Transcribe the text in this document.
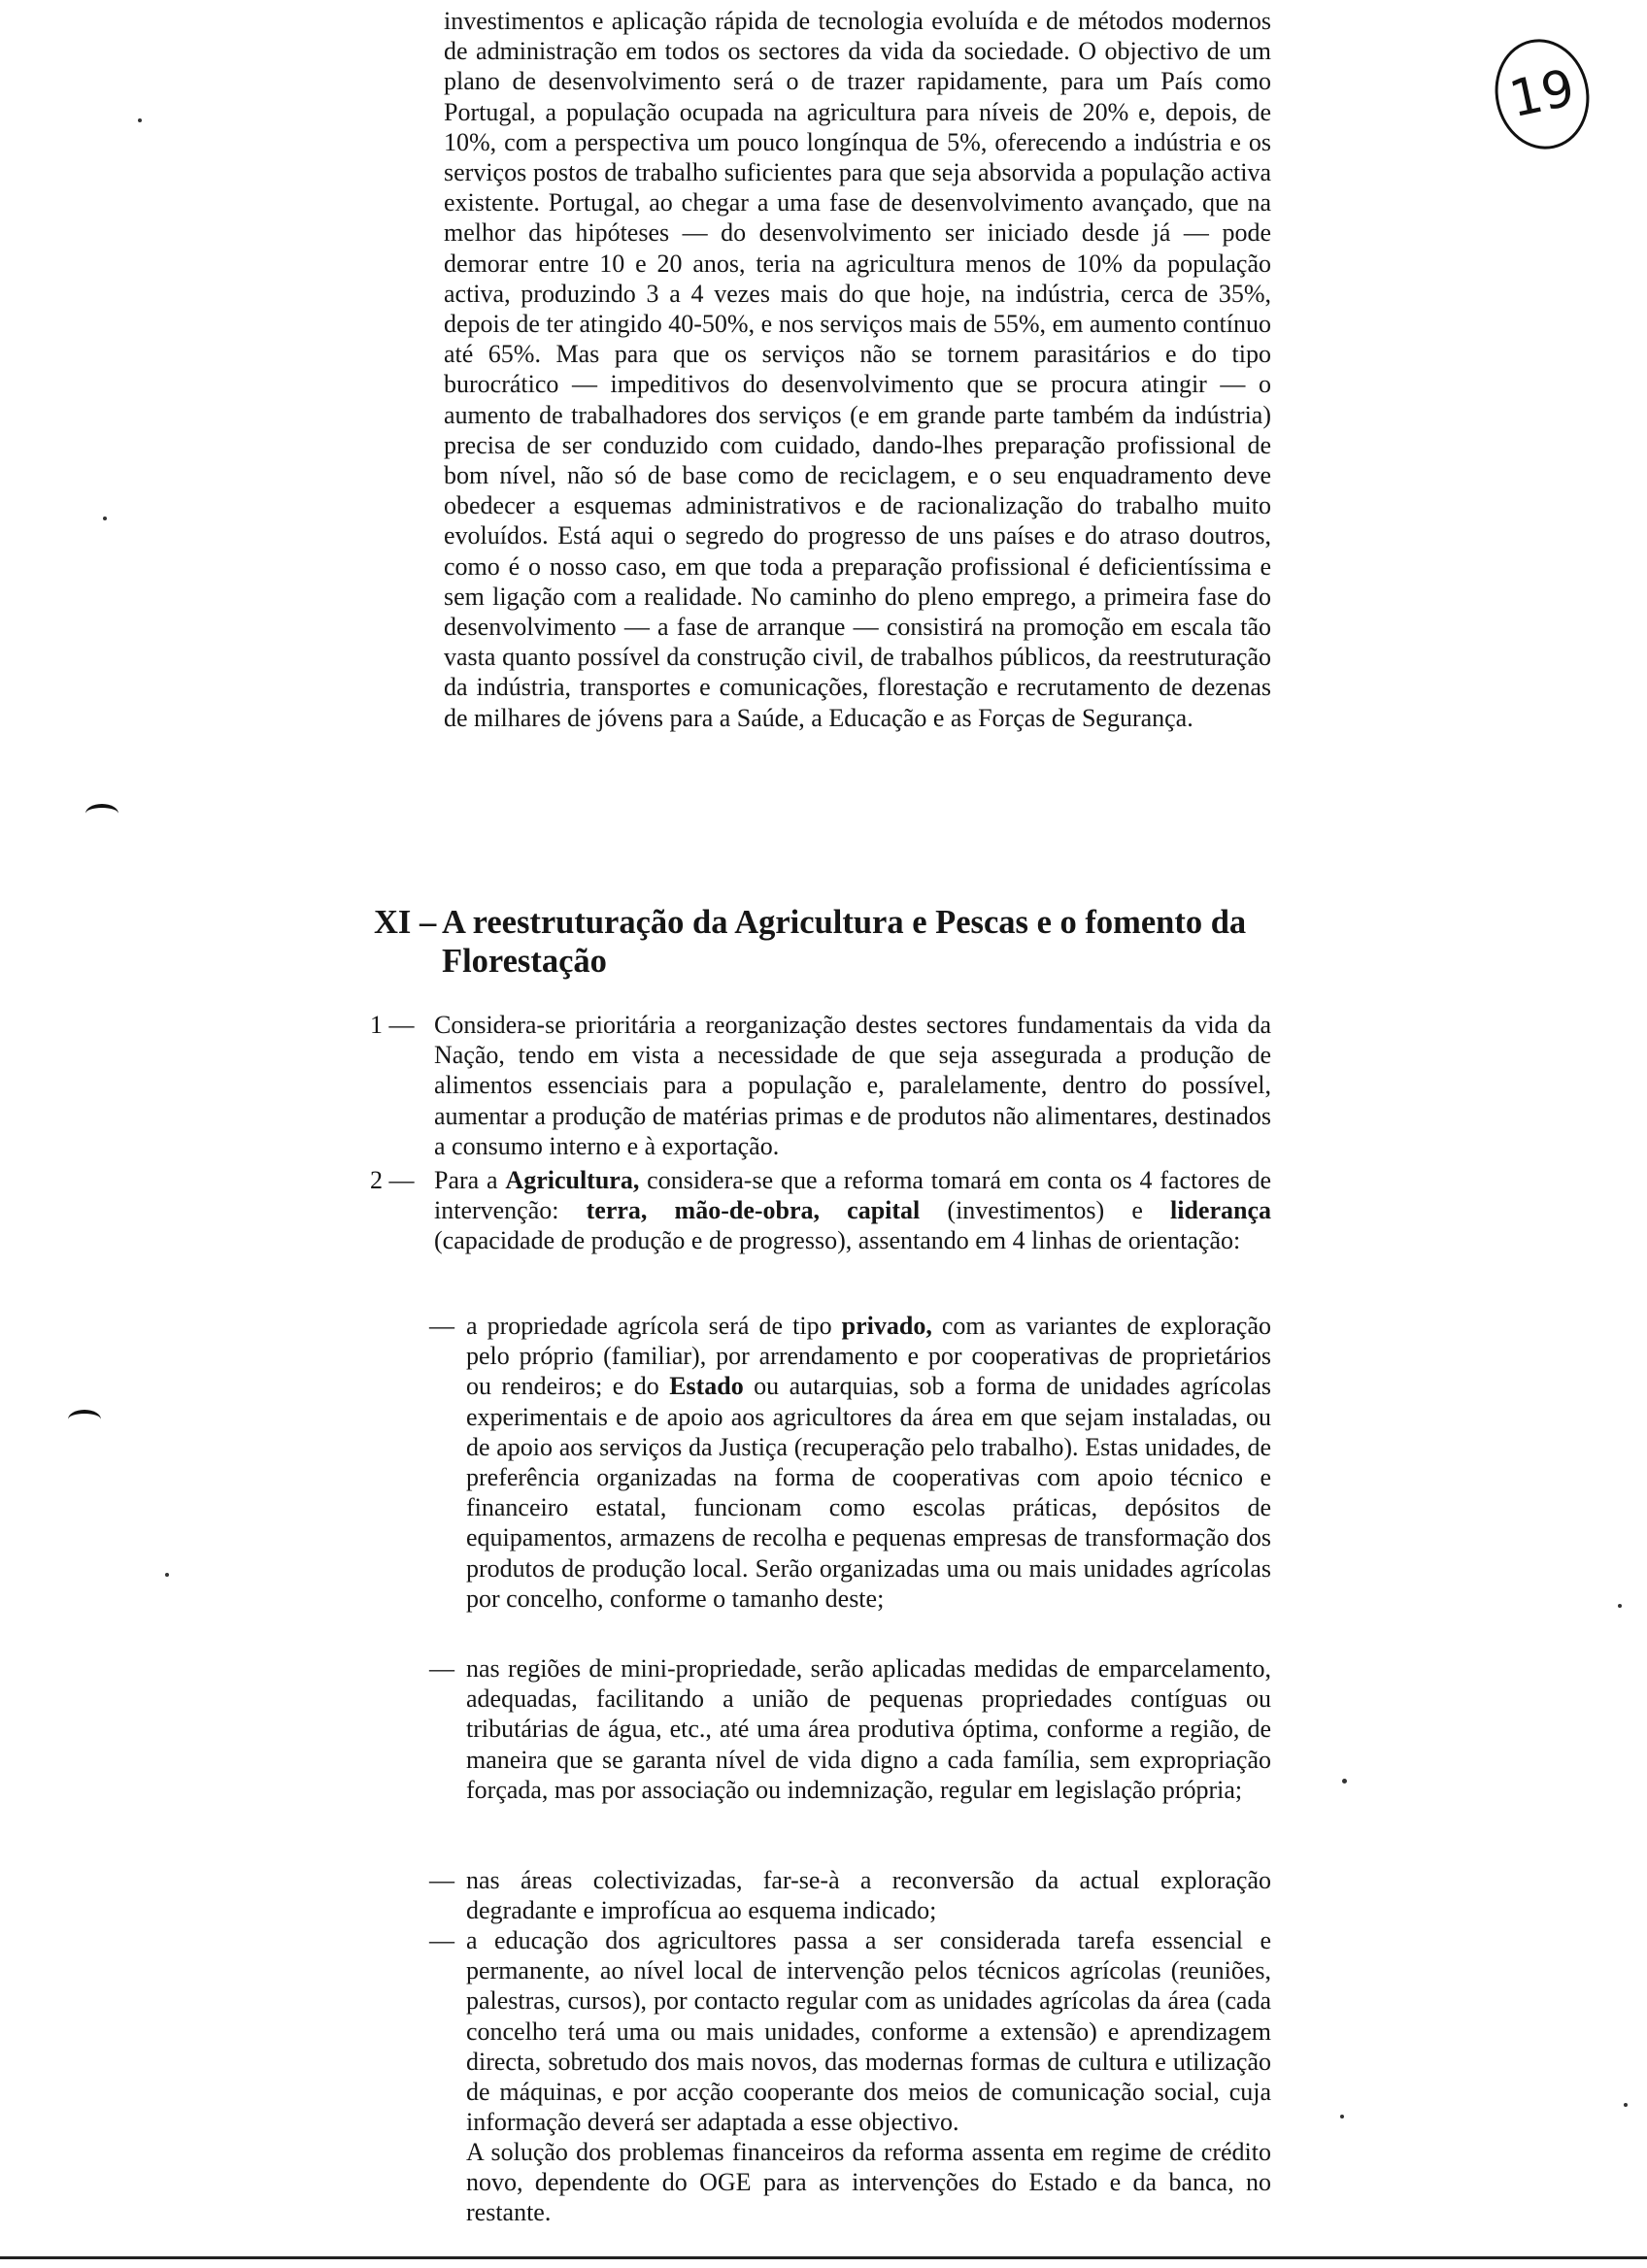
19
investimentos e aplicação rápida de tecnologia evoluída e de métodos modernos de administração em todos os sectores da vida da sociedade. O objectivo de um plano de desenvolvimento será o de trazer rapidamente, para um País como Portugal, a população ocupada na agricultura para níveis de 20% e, depois, de 10%, com a perspectiva um pouco longínqua de 5%, oferecendo a indústria e os serviços postos de trabalho suficientes para que seja absorvida a população activa existente. Portugal, ao chegar a uma fase de desenvolvimento avançado, que na melhor das hipóteses — do desenvolvimento ser iniciado desde já — pode demorar entre 10 e 20 anos, teria na agricultura menos de 10% da população activa, produzindo 3 a 4 vezes mais do que hoje, na indústria, cerca de 35%, depois de ter atingido 40-50%, e nos serviços mais de 55%, em aumento contínuo até 65%. Mas para que os serviços não se tornem parasitários e do tipo burocrático — impeditivos do desenvolvimento que se procura atingir — o aumento de trabalhadores dos serviços (e em grande parte também da indústria) precisa de ser conduzido com cuidado, dando-lhes preparação profissional de bom nível, não só de base como de reciclagem, e o seu enquadramento deve obedecer a esquemas administrativos e de racionalização do trabalho muito evoluídos. Está aqui o segredo do progresso de uns países e do atraso doutros, como é o nosso caso, em que toda a preparação profissional é deficientíssima e sem ligação com a realidade. No caminho do pleno emprego, a primeira fase do desenvolvimento — a fase de arranque — consistirá na promoção em escala tão vasta quanto possível da construção civil, de trabalhos públicos, da reestruturação da indústria, transportes e comunicações, florestação e recrutamento de dezenas de milhares de jóvens para a Saúde, a Educação e as Forças de Segurança.
XI – A reestruturação da Agricultura e Pescas e o fomento da Florestação
1 — Considera-se prioritária a reorganização destes sectores fundamentais da vida da Nação, tendo em vista a necessidade de que seja assegurada a produção de alimentos essenciais para a população e, paralelamente, dentro do possível, aumentar a produção de matérias primas e de produtos não alimentares, destinados a consumo interno e à exportação.
2 — Para a Agricultura, considera-se que a reforma tomará em conta os 4 factores de intervenção: terra, mão-de-obra, capital (investimentos) e liderança (capacidade de produção e de progresso), assentando em 4 linhas de orientação:
— a propriedade agrícola será de tipo privado, com as variantes de exploração pelo próprio (familiar), por arrendamento e por cooperativas de proprietários ou rendeiros; e do Estado ou autarquias, sob a forma de unidades agrícolas experimentais e de apoio aos agricultores da área em que sejam instaladas, ou de apoio aos serviços da Justiça (recuperação pelo trabalho). Estas unidades, de preferência organizadas na forma de cooperativas com apoio técnico e financeiro estatal, funcionam como escolas práticas, depósitos de equipamentos, armazens de recolha e pequenas empresas de transformação dos produtos de produção local. Serão organizadas uma ou mais unidades agrícolas por concelho, conforme o tamanho deste;
— nas regiões de mini-propriedade, serão aplicadas medidas de emparcelamento, adequadas, facilitando a união de pequenas propriedades contíguas ou tributárias de água, etc., até uma área produtiva óptima, conforme a região, de maneira que se garanta nível de vida digno a cada família, sem expropriação forçada, mas por associação ou indemnização, regular em legislação própria;
— nas áreas colectivizadas, far-se-à a reconversão da actual exploração degradante e improfícua ao esquema indicado;
— a educação dos agricultores passa a ser considerada tarefa essencial e permanente, ao nível local de intervenção pelos técnicos agrícolas (reuniões, palestras, cursos), por contacto regular com as unidades agrícolas da área (cada concelho terá uma ou mais unidades, conforme a extensão) e aprendizagem directa, sobretudo dos mais novos, das modernas formas de cultura e utilização de máquinas, e por acção cooperante dos meios de comunicação social, cuja informação deverá ser adaptada a esse objectivo.
A solução dos problemas financeiros da reforma assenta em regime de crédito novo, dependente do OGE para as intervenções do Estado e da banca, no restante.
